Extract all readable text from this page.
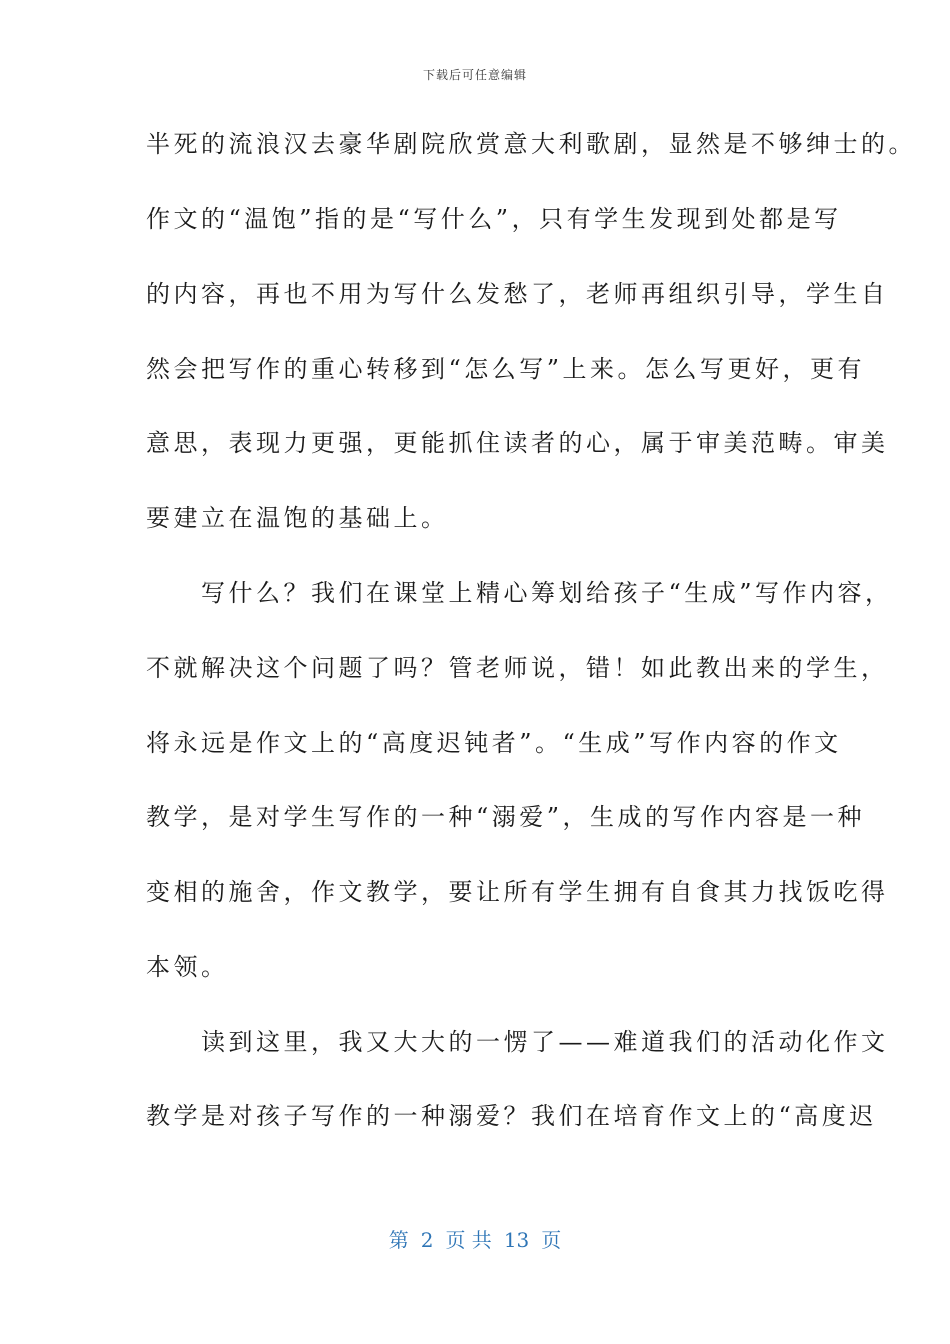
下载后可任意编辑
半死的流浪汉去豪华剧院欣赏意大利歌剧，显然是不够绅士的。
作文的“温饱”指的是“写什么”，只有学生发现到处都是写
的内容，再也不用为写什么发愁了，老师再组织引导，学生自
然会把写作的重心转移到“怎么写”上来。怎么写更好，更有
意思，表现力更强，更能抓住读者的心，属于审美范畴。审美
要建立在温饱的基础上。
　　写什么？我们在课堂上精心筹划给孩子“生成”写作内容，
不就解决这个问题了吗？管老师说，错！如此教出来的学生，
将永远是作文上的“高度迟钝者”。“生成”写作内容的作文
教学，是对学生写作的一种“溺爱”，生成的写作内容是一种
变相的施舍，作文教学，要让所有学生拥有自食其力找饭吃得
本领。
　　读到这里，我又大大的一愣了——难道我们的活动化作文
教学是对孩子写作的一种溺爱？我们在培育作文上的“高度迟
第 2 页 共 13 页
